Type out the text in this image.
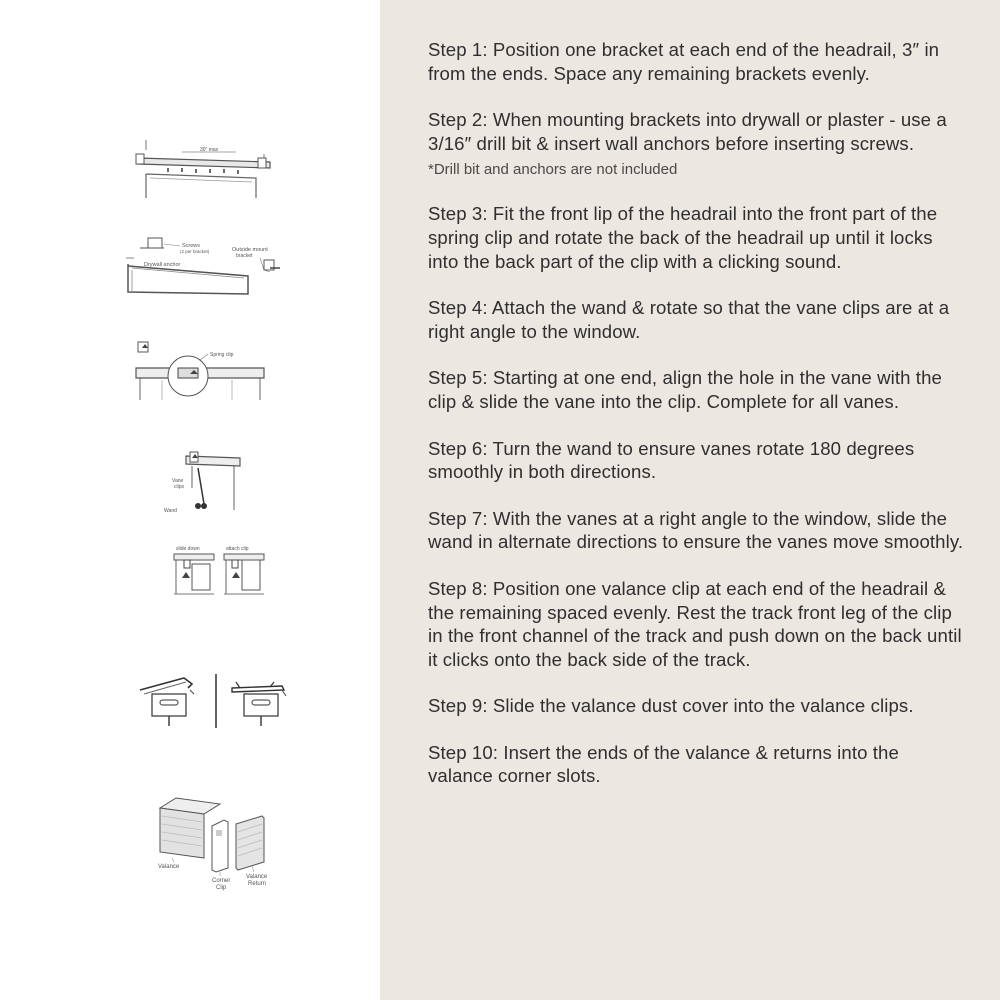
30″ max
Screws
(2 per bracket)	Outside mount
bracket
Drywall anchor
Spring clip
Vane
clips
Wand
slide down	attach clip
Valance
Corner
Clip
Valance
Return

Step 1: Position one bracket at each end of the headrail, 3″ in from the ends. Space any remaining brackets evenly.

Step 2: When mounting brackets into drywall or plaster - use a 3/16″ drill bit & insert wall anchors before inserting screws.

*Drill bit and anchors are not included

Step 3: Fit the front lip of the headrail into the front part of the spring clip and rotate the back of the headrail up until it locks into the back part of the clip with a clicking sound.

Step 4: Attach the wand & rotate so that the vane clips are at a right angle to the window.

Step 5: Starting at one end, align the hole in the vane with the clip & slide the vane into the clip. Complete for all vanes.

Step 6: Turn the wand to ensure vanes rotate 180 degrees smoothly in both directions.

Step 7: With the vanes at a right angle to the window, slide the wand in alternate directions to ensure the vanes move smoothly.

Step 8: Position one valance clip at each end of the headrail & the remaining spaced evenly. Rest the track front leg of the clip in the front channel of the track and push down on the back until it clicks onto the back side of the track.

Step 9: Slide the valance dust cover into the valance clips.

Step 10: Insert the ends of the valance & returns into the valance corner slots.
